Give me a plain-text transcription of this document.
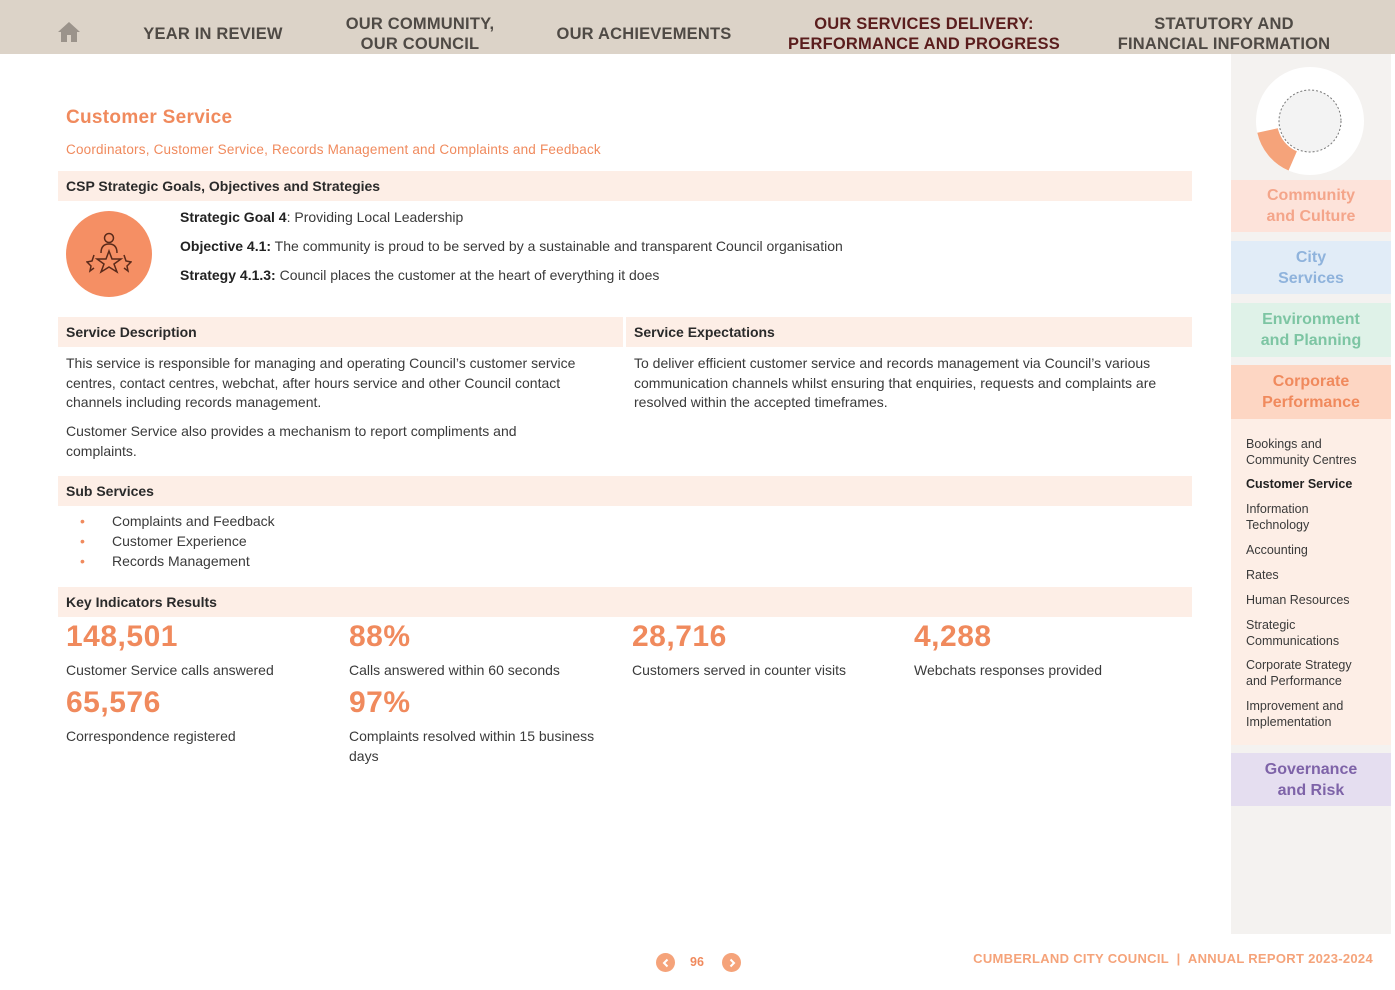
YEAR IN REVIEW
OUR COMMUNITY,
OUR COUNCIL
OUR ACHIEVEMENTS
OUR SERVICES DELIVERY:
PERFORMANCE AND PROGRESS
STATUTORY AND
FINANCIAL INFORMATION
Customer Service
Coordinators, Customer Service, Records Management and Complaints and Feedback
CSP Strategic Goals, Objectives and Strategies
Strategic Goal 4: Providing Local Leadership
Objective 4.1: The community is proud to be served by a sustainable and transparent Council organisation
Strategy 4.1.3: Council places the customer at the heart of everything it does
Service Description	Service Expectations
This service is responsible for managing and operating Council’s customer service centres, contact centres, webchat, after hours service and other Council contact channels including records management.
Customer Service also provides a mechanism to report compliments and complaints.
To deliver efficient customer service and records management via Council’s various communication channels whilst ensuring that enquiries, requests and complaints are resolved within the accepted timeframes.
Sub Services
• Complaints and Feedback
• Customer Experience
• Records Management
Key Indicators Results
148,501
Customer Service calls answered
88%
Calls answered within 60 seconds
28,716
Customers served in counter visits
4,288
Webchats responses provided
65,576
Correspondence registered
97%
Complaints resolved within 15 business days
Community
and Culture
City
Services
Environment
and Planning
Corporate
Performance
Governance
and Risk
Bookings and
Community Centres
Customer Service
Information
Technology
Accounting
Rates
Human Resources
Strategic
Communications
Corporate Strategy
and Performance
Improvement and
Implementation
96	CUMBERLAND CITY COUNCIL  |  ANNUAL REPORT 2023-2024
